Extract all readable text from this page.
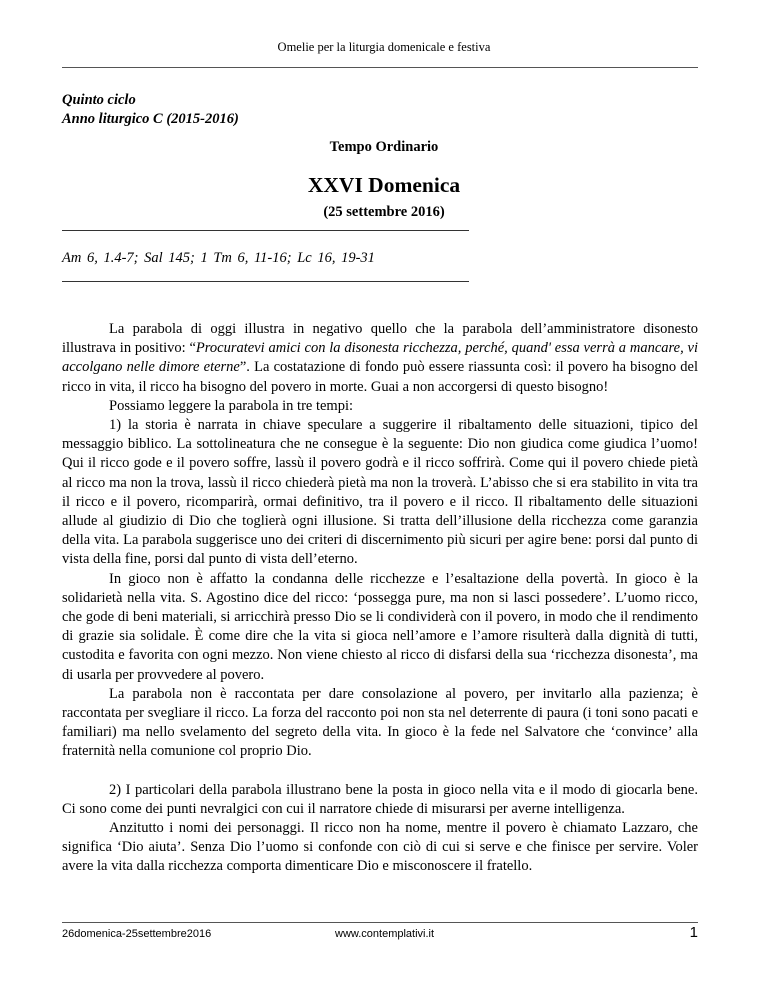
Omelie per la liturgia domenicale e festiva
Quinto ciclo
Anno liturgico C (2015-2016)
Tempo Ordinario
XXVI Domenica
(25 settembre 2016)
Am 6, 1.4-7; Sal 145; 1 Tm 6, 11-16; Lc 16, 19-31

La parabola di oggi illustra in negativo quello che la parabola dell’amministratore disonesto illustrava in positivo: “Procuratevi amici con la disonesta ricchezza, perché, quand' essa verrà a mancare, vi accolgano nelle dimore eterne”. La costatazione di fondo può essere riassunta così: il povero ha bisogno del ricco in vita, il ricco ha bisogno del povero in morte. Guai a non accorgersi di questo bisogno!

Possiamo leggere la parabola in tre tempi:

1) la storia è narrata in chiave speculare a suggerire il ribaltamento delle situazioni, tipico del messaggio biblico. La sottolineatura che ne consegue è la seguente: Dio non giudica come giudica l’uomo! Qui il ricco gode e il povero soffre, lassù il povero godrà e il ricco soffrirà. Come qui il povero chiede pietà al ricco ma non la trova, lassù il ricco chiederà pietà ma non la troverà. L’abisso che si era stabilito in vita tra il ricco e il povero, ricomparirà, ormai definitivo, tra il povero e il ricco. Il ribaltamento delle situazioni allude al giudizio di Dio che toglierà ogni illusione. Si tratta dell’illusione della ricchezza come garanzia della vita. La parabola suggerisce uno dei criteri di discernimento più sicuri per agire bene: porsi dal punto di vista della fine, porsi dal punto di vista dell’eterno.

In gioco non è affatto la condanna delle ricchezze e l’esaltazione della povertà. In gioco è la solidarietà nella vita. S. Agostino dice del ricco: ‘possegga pure, ma non si lasci possedere’. L’uomo ricco, che gode di beni materiali, si arricchirà presso Dio se li condividerà con il povero, in modo che il rendimento di grazie sia solidale. È come dire che la vita si gioca nell’amore e l’amore risulterà dalla dignità di tutti, custodita e favorita con ogni mezzo. Non viene chiesto al ricco di disfarsi della sua ‘ricchezza disonesta’, ma di usarla per provvedere al povero.

La parabola non è raccontata per dare consolazione al povero, per invitarlo alla pazienza; è raccontata per svegliare il ricco. La forza del racconto poi non sta nel deterrente di paura (i toni sono pacati e familiari) ma nello svelamento del segreto della vita. In gioco è la fede nel Salvatore che ‘convince’ alla fraternità nella comunione col proprio Dio.

2) I particolari della parabola illustrano bene la posta in gioco nella vita e il modo di giocarla bene. Ci sono come dei punti nevralgici con cui il narratore chiede di misurarsi per averne intelligenza.

Anzitutto i nomi dei personaggi. Il ricco non ha nome, mentre il povero è chiamato Lazzaro, che significa ‘Dio aiuta’. Senza Dio l’uomo si confonde con ciò di cui si serve e che finisce per servire. Voler avere la vita dalla ricchezza comporta dimenticare Dio e misconoscere il fratello.

26domenica-25settembre2016	www.contemplativi.it	1
